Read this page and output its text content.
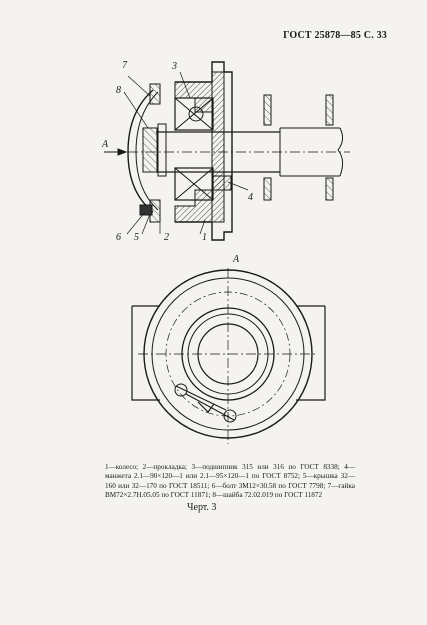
ГОСТ 25878—85 С. 33
7
8
3
A
4
6 5	2	1
A

1—колесо; 2—прокладка; 3—подшипник 315 или 316 по ГОСТ 8338; 4—манжета 2.1—90×120—1 или 2.1—95×120—1 по ГОСТ 8752; 5—крышка 32—160 или 32—170 по ГОСТ 18511; 6—болт 3М12×30.58 по ГОСТ 7798; 7—гайка ВМ72×2.7Н.05.05 по ГОСТ 11871; 8—шайба 72.02.019 по ГОСТ 11872

Черт. 3
